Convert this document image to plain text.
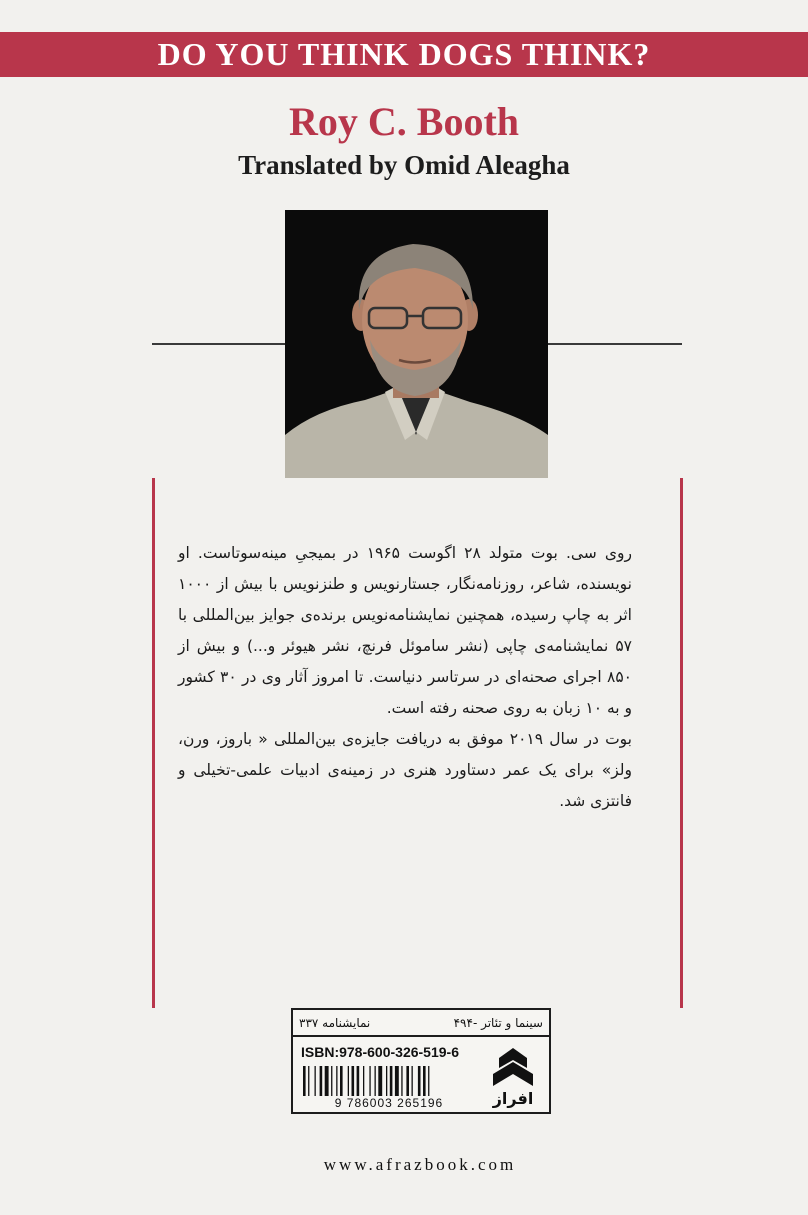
DO YOU THINK DOGS THINK?
Roy C. Booth
Translated by Omid Aleagha

روی سی. بوت متولد ۲۸ اگوست ۱۹۶۵ در بمیجیِ مینه‌سوتاست. او نویسنده، شاعر، روزنامه‌نگار، جستارنویس و طنزنویس با بیش از ۱۰۰۰ اثر به چاپ رسیده، همچنین نمایشنامه‌نویس برنده‌ی جوایز بین‌المللی با ۵۷ نمایشنامه‌ی چاپی (نشر ساموئل فرنچ، نشر هیوئر و...) و بیش از ۸۵۰ اجرای صحنه‌ای در سرتاسر دنیاست. تا امروز آثار وی در ۳۰ کشور و به ۱۰ زبان به روی صحنه رفته است.

بوت در سال ۲۰۱۹ موفق به دریافت جایزه‌ی بین‌المللی « باروز، ورن، ولز» برای یک عمر دستاورد هنری در زمینه‌ی ادبیات علمی-تخیلی و فانتزی شد.

نمایشنامه ۳۳۷	سینما و تئاتر -۴۹۴
ISBN:978-600-326-519-6
9 786003 265196	افراز
www.afrazbook.com
